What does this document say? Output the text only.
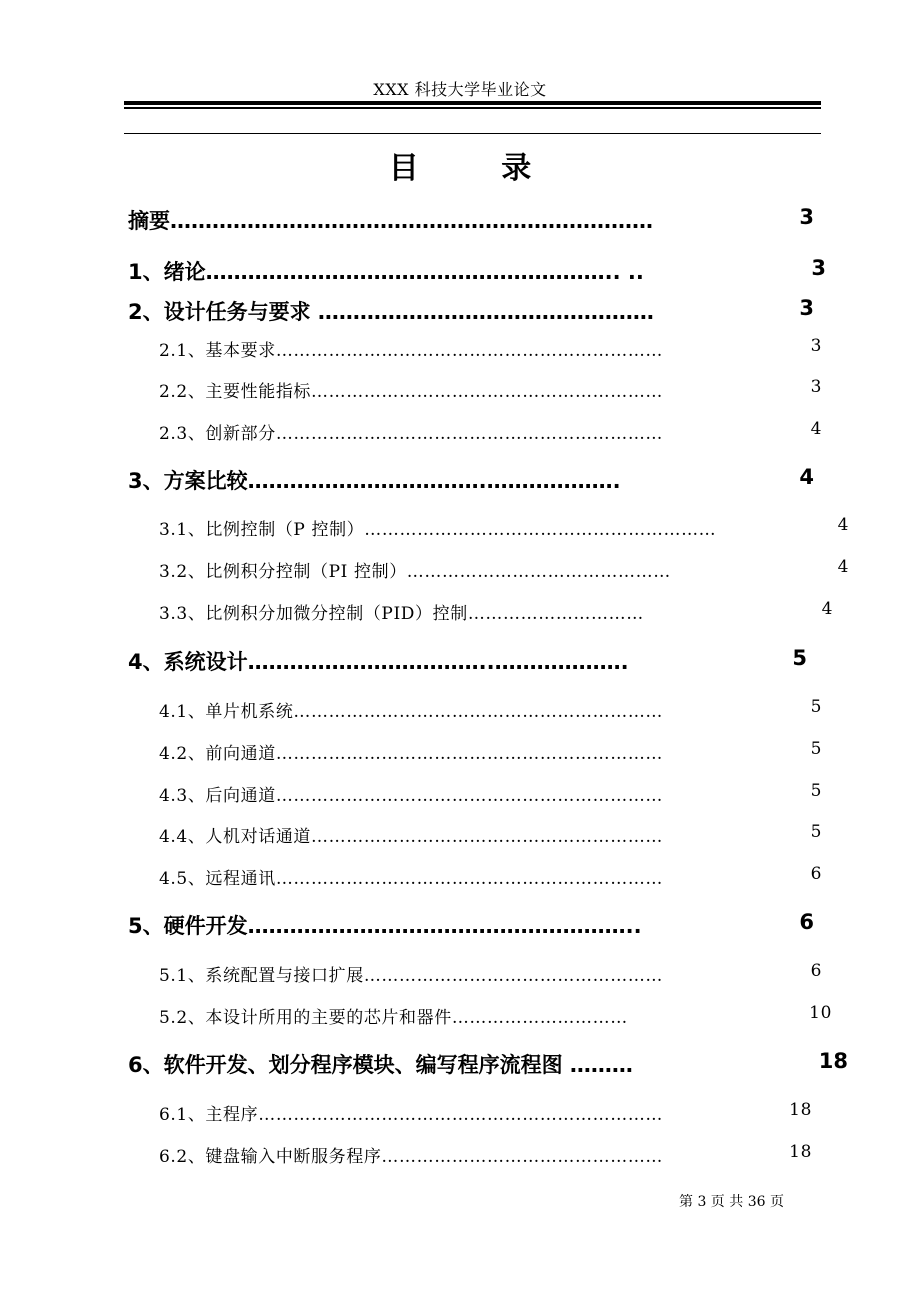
XXX 科技大学毕业论文
目 录
摘要……………………………………………………………	3
1、绪论………………………………………………….. ..	3
2、设计任务与要求 …………………………………………	3
2.1、基本要求…………………………………………………………	3
2.2、主要性能指标……………………………………………………	3
2.3、创新部分…………………………………………………………	4
3、方案比较…………………………….……………….	4
3.1、比例控制（P 控制）……………………………………………………	4
3.2、比例积分控制（PI 控制）………………………………………	4
3.3、比例积分加微分控制（PID）控制…………………………	4
4、系统设计……………………………..……………….	5
4.1、单片机系统………………………………………………………	5
4.2、前向通道…………………………………………………………	5
4.3、后向通道…………………………………………………………	5
4.4、人机对话通道……………………………………………………	5
4.5、远程通讯…………………………………………………………	6
5、硬件开发………………………………………………..	6
5.1、系统配置与接口扩展……………………………………………	6
5.2、本设计所用的主要的芯片和器件…………………………	10
6、软件开发、划分程序模块、编写程序流程图 ………	18
6.1、主程序……………………………………………………………	18
6.2、键盘输入中断服务程序…………………………………………	18
第 3 页 共 36 页
